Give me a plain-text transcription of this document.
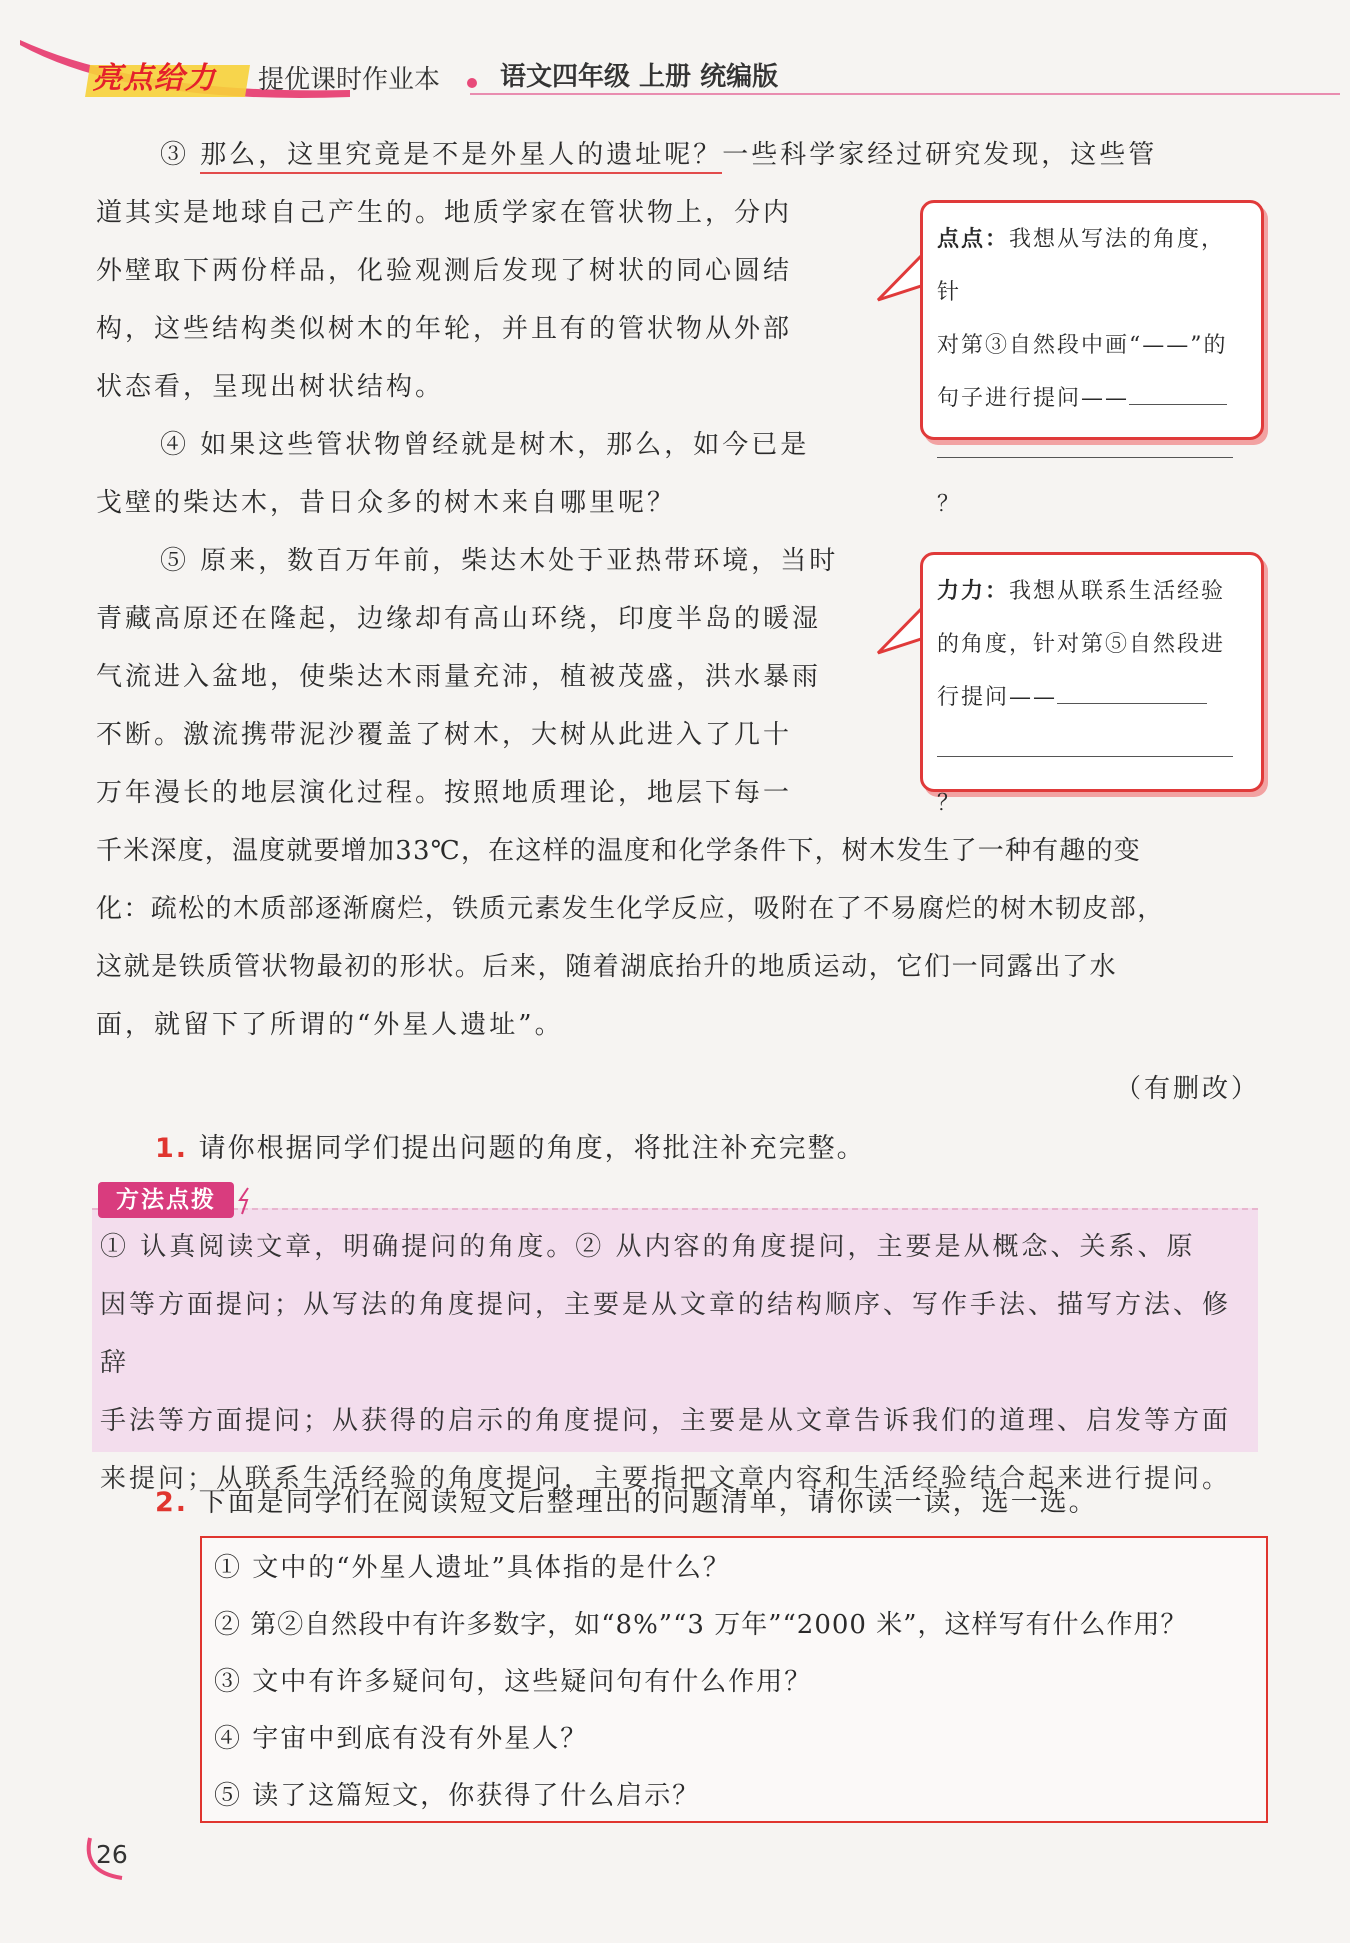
亮点给力 提优课时作业本 语文四年级 上册 统编版
③ 那么，这里究竟是不是外星人的遗址呢？一些科学家经过研究发现，这些管
道其实是地球自己产生的。地质学家在管状物上，分内
外壁取下两份样品，化验观测后发现了树状的同心圆结
构，这些结构类似树木的年轮，并且有的管状物从外部
状态看，呈现出树状结构。
④ 如果这些管状物曾经就是树木，那么，如今已是
戈壁的柴达木，昔日众多的树木来自哪里呢？
⑤ 原来，数百万年前，柴达木处于亚热带环境，当时
青藏高原还在隆起，边缘却有高山环绕，印度半岛的暖湿
气流进入盆地，使柴达木雨量充沛，植被茂盛，洪水暴雨
不断。激流携带泥沙覆盖了树木，大树从此进入了几十
万年漫长的地层演化过程。按照地质理论，地层下每一
千米深度，温度就要增加33℃，在这样的温度和化学条件下，树木发生了一种有趣的变
化：疏松的木质部逐渐腐烂，铁质元素发生化学反应，吸附在了不易腐烂的树木韧皮部，
这就是铁质管状物最初的形状。后来，随着湖底抬升的地质运动，它们一同露出了水
面，就留下了所谓的“外星人遗址”。
（有删改）
点点：我想从写法的角度，针
对第③自然段中画“——”的
句子进行提问——
？
力力：我想从联系生活经验
的角度，针对第⑤自然段进
行提问——
？
1. 请你根据同学们提出问题的角度，将批注补充完整。
① 认真阅读文章，明确提问的角度。② 从内容的角度提问，主要是从概念、关系、原
因等方面提问；从写法的角度提问，主要是从文章的结构顺序、写作手法、描写方法、修辞
手法等方面提问；从获得的启示的角度提问，主要是从文章告诉我们的道理、启发等方面
来提问；从联系生活经验的角度提问，主要指把文章内容和生活经验结合起来进行提问。
方法点拨
2. 下面是同学们在阅读短文后整理出的问题清单，请你读一读，选一选。
① 文中的“外星人遗址”具体指的是什么？
② 第②自然段中有许多数字，如“8%”“3 万年”“2000 米”，这样写有什么作用？
③ 文中有许多疑问句，这些疑问句有什么作用？
④ 宇宙中到底有没有外星人？
⑤ 读了这篇短文，你获得了什么启示？
26
